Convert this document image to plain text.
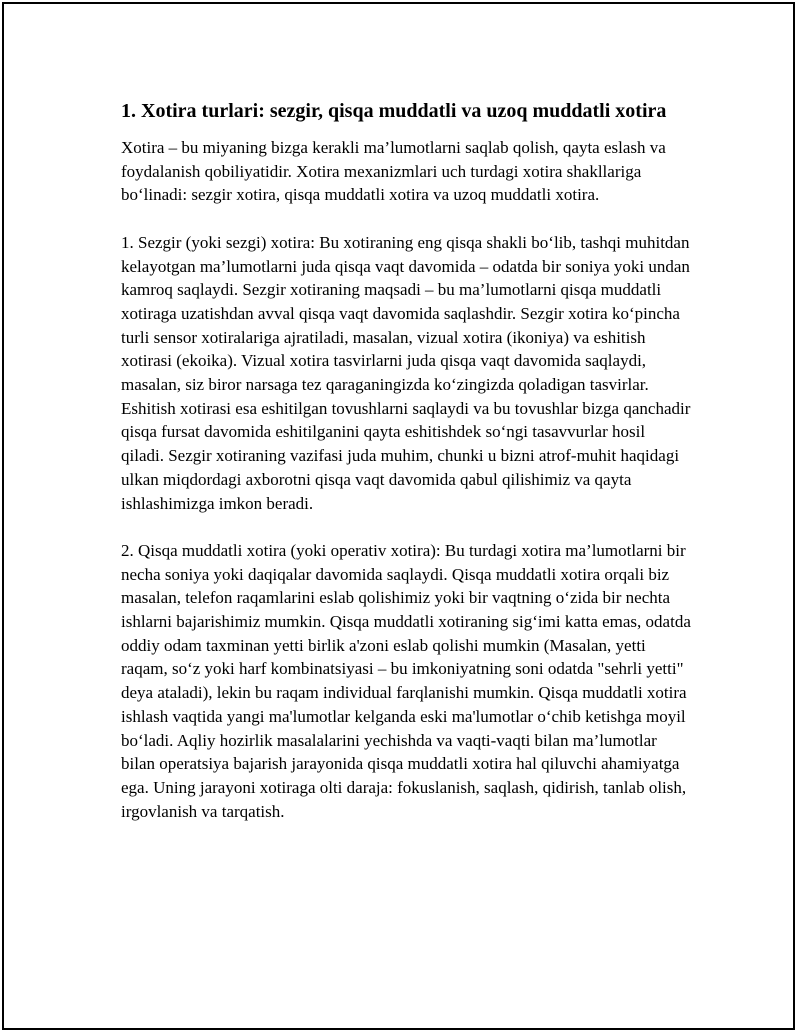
1. Xotira turlari: sezgir, qisqa muddatli va uzoq muddatli xotira

Xotira – bu miyaning bizga kerakli ma’lumotlarni saqlab qolish, qayta eslash va foydalanish qobiliyatidir. Xotira mexanizmlari uch turdagi xotira shakllariga bo‘linadi: sezgir xotira, qisqa muddatli xotira va uzoq muddatli xotira.

1. Sezgir (yoki sezgi) xotira: Bu xotiraning eng qisqa shakli bo‘lib, tashqi muhitdan kelayotgan ma’lumotlarni juda qisqa vaqt davomida – odatda bir soniya yoki undan kamroq saqlaydi. Sezgir xotiraning maqsadi – bu ma’lumotlarni qisqa muddatli xotiraga uzatishdan avval qisqa vaqt davomida saqlashdir. Sezgir xotira ko‘pincha turli sensor xotiralariga ajratiladi, masalan, vizual xotira (ikoniya) va eshitish xotirasi (ekoika). Vizual xotira tasvirlarni juda qisqa vaqt davomida saqlaydi, masalan, siz biror narsaga tez qaraganingizda ko‘zingizda qoladigan tasvirlar. Eshitish xotirasi esa eshitilgan tovushlarni saqlaydi va bu tovushlar bizga qanchadir qisqa fursat davomida eshitilganini qayta eshitishdek so‘ngi tasavvurlar hosil qiladi. Sezgir xotiraning vazifasi juda muhim, chunki u bizni atrof-muhit haqidagi ulkan miqdordagi axborotni qisqa vaqt davomida qabul qilishimiz va qayta ishlashimizga imkon beradi.

2. Qisqa muddatli xotira (yoki operativ xotira): Bu turdagi xotira ma’lumotlarni bir necha soniya yoki daqiqalar davomida saqlaydi. Qisqa muddatli xotira orqali biz masalan, telefon raqamlarini eslab qolishimiz yoki bir vaqtning o‘zida bir nechta ishlarni bajarishimiz mumkin. Qisqa muddatli xotiraning sig‘imi katta emas, odatda oddiy odam taxminan yetti birlik a'zoni eslab qolishi mumkin (Masalan, yetti raqam, so‘z yoki harf kombinatsiyasi – bu imkoniyatning soni odatda "sehrli yetti" deya ataladi), lekin bu raqam individual farqlanishi mumkin. Qisqa muddatli xotira ishlash vaqtida yangi ma'lumotlar kelganda eski ma'lumotlar o‘chib ketishga moyil bo‘ladi. Aqliy hozirlik masalalarini yechishda va vaqti-vaqti bilan ma’lumotlar bilan operatsiya bajarish jarayonida qisqa muddatli xotira hal qiluvchi ahamiyatga ega. Uning jarayoni xotiraga olti daraja: fokuslanish, saqlash, qidirish, tanlab olish, irgovlanish va tarqatish.
